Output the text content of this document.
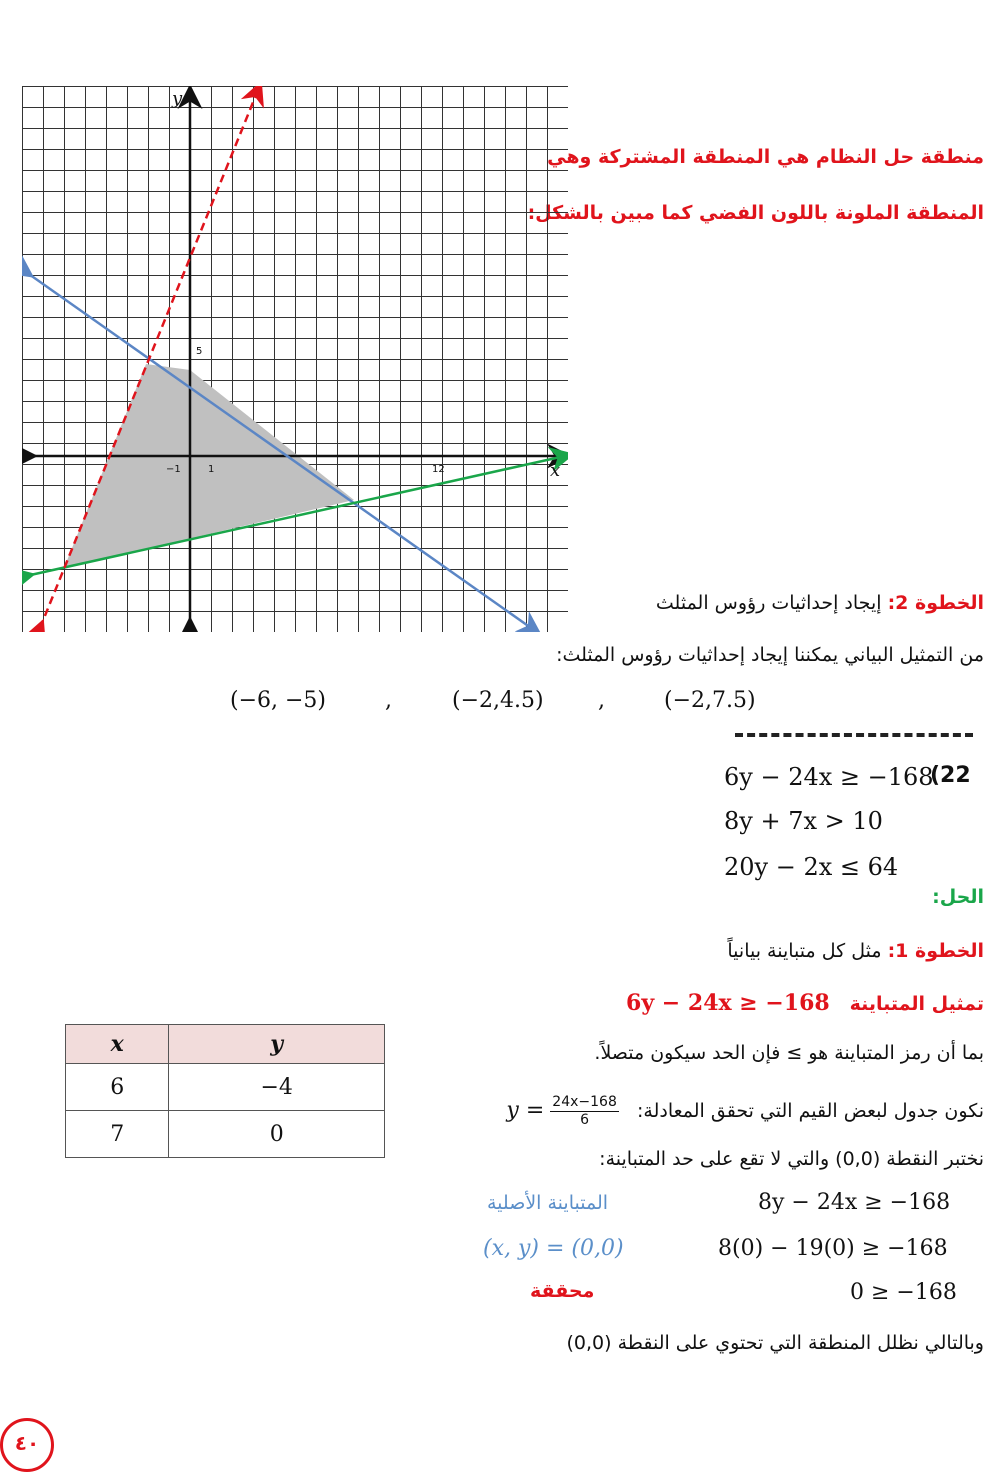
منطقة حل النظام هي المنطقة المشتركة وهي
المنطقة الملونة باللون الفضي كما مبين بالشكل:
y
x
−1	1	12
5
الخطوة 2: إيجاد إحداثيات رؤوس المثلث
من التمثيل البياني يمكننا إيجاد إحداثيات رؤوس المثلث:
(−6, −5)	,	(−2,4.5) ,	(−2,7.5)
6y − 24x ≥ −168
(22
8y + 7x > 10
20y − 2x ≤ 64
الحل:
الخطوة 1: مثل كل متباينة بيانياً
تمثيل المتباينة   6y − 24x ≥ −168
x	y
6	−4
7	0
بما أن رمز المتباينة هو ≥ فإن الحد سيكون متصلاً.
نكون جدول لبعض القيم التي تحقق المعادلة:   $y = \frac{24x-168}{6}$
نختبر النقطة (0,0) والتي لا تقع على حد المتباينة:
8y − 24x ≥ −168
المتباينة الأصلية
8(0) − 19(0) ≥ −168
(x, y) = (0,0)
0 ≥ −168
محققة
وبالتالي نظلل المنطقة التي تحتوي على النقطة (0,0)
٤٠
